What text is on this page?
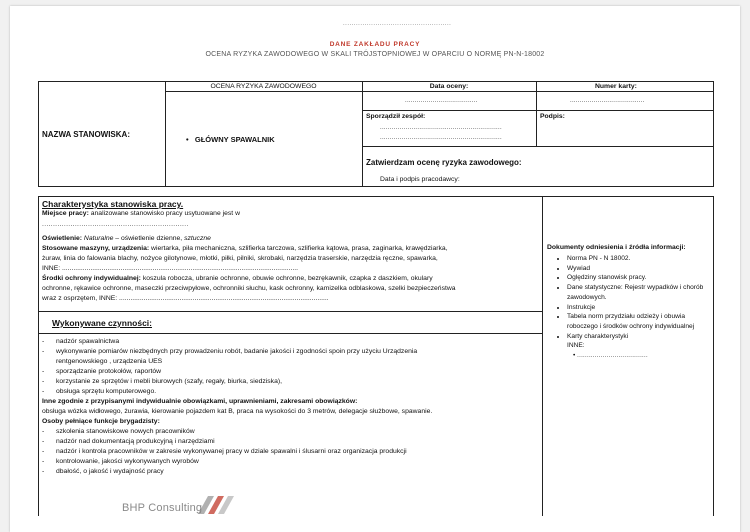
..................................................
DANE ZAKŁADU PRACY
OCENA RYZYKA ZAWODOWEGO W SKALI TRÓJSTOPNIOWEJ W OPARCIU O NORMĘ PN-N-18002
NAZWA STANOWISKA:
OCENA RYZYKA ZAWODOWEGO
•   GŁÓWNY SPAWALNIK
Data oceny:
.....................................
Numer karty:
......................................
Sporządził zespół:
..............................................................
..............................................................
Podpis:
Zatwierdzam ocenę ryzyka zawodowego:
Data i podpis pracodawcy:
Charakterystyka stanowiska pracy.
Miejsce pracy: analizowane stanowisko pracy usytuowane jest w
...................................................................
Oświetlenie: Naturalne – oświetlenie dzienne, sztuczne
Stosowane maszyny, urządzenia: wiertarka, piła mechaniczna, szlifierka tarczowa, szlifierka kątowa, prasa, zaginarka, krawędziarka,
żuraw, linia do falowania blachy, nożyce gilotynowe, młotki, piłki, pilniki, skrobaki, narzędzia traserskie, narzędzia ręczne, spawarka,
INNE: .............................................................................................................................
Środki ochrony indywidualnej: koszula robocza, ubranie ochronne, obuwie ochronne, bezrękawnik, czapka z daszkiem, okulary
ochronne, rękawice ochronne, maseczki przeciwpyłowe, ochronniki słuchu, kask ochronny, kamizelka odblaskowa, szelki bezpieczeństwa
wraz z osprzętem, INNE: ...............................................................................................................
Wykonywane czynności:
- nadzór spawalnictwa
- wykonywanie pomiarów niezbędnych przy prowadzeniu robót, badanie jakości i zgodności spoin przy użyciu Urządzenia
rentgenowskiego , urządzenia UES
- sporządzanie protokołów, raportów
- korzystanie ze sprzętów i mebli biurowych (szafy, regały, biurka, siedziska),
- obsługa sprzętu komputerowego.
Inne zgodnie z przypisanymi indywidualnie obowiązkami, uprawnieniami, zakresami obowiązków:
obsługa wózka widłowego, żurawia, kierowanie pojazdem kat B, praca na wysokości do 3 metrów, delegacje służbowe, spawanie.
Osoby pełniące funkcje brygadzisty:
- szkolenia stanowiskowe nowych pracowników
- nadzór nad dokumentacją produkcyjną i narzędziami
- nadzór i kontrola pracowników w zakresie wykonywanej pracy w dziale spawalni i ślusarni oraz organizacja produkcji
- kontrolowanie, jakości wykonywanych wyrobów
- dbałość, o jakość i wydajność pracy
Dokumenty odniesienia i źródła informacji:
• Norma PN - N 18002.
• Wywiad
• Oględziny stanowisk pracy.
• Dane statystyczne: Rejestr wypadków i chorób zawodowych.
• Instrukcje
• Tabela norm przydziału odzieży i obuwia roboczego i środków ochrony indywidualnej
• Karty charakterystyki
INNE:
• ....................................
BHP Consulting
